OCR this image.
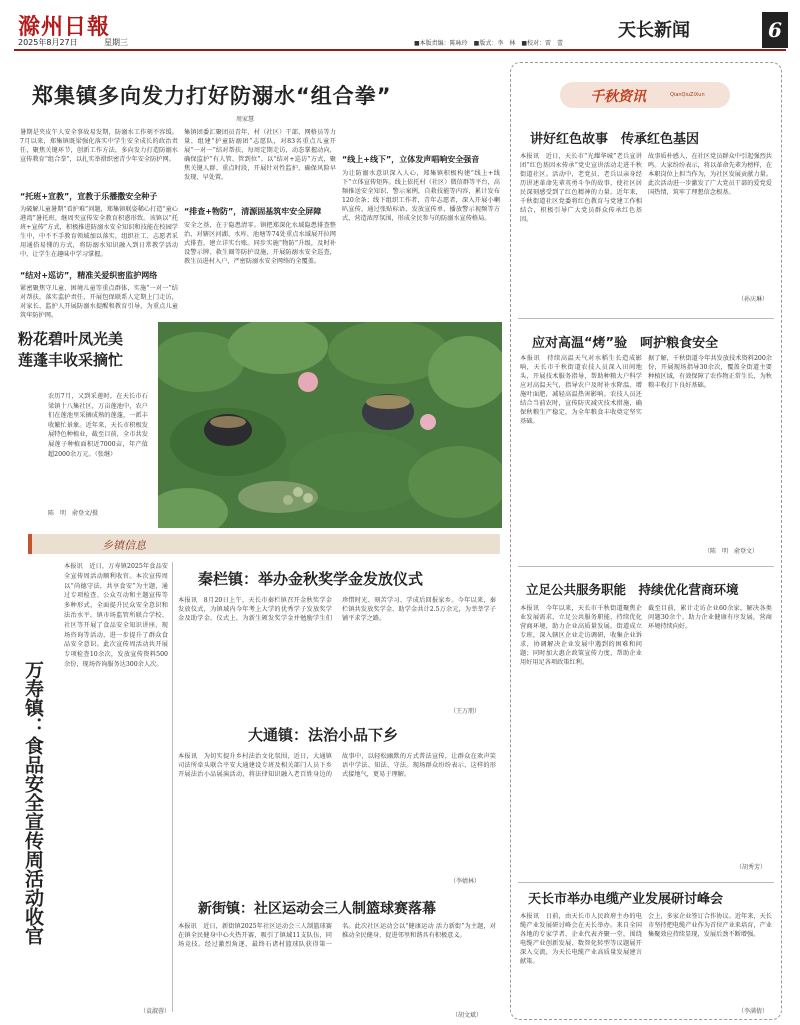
滁州日報
2025年8月27日	星期三	■本版责编：陈咏玲　■版式：李　林　■校对：雷　蕾
天长新闻	6
郑集镇多向发力打好防溺水“组合拳”
周家慧
暑期是夹皮午人安全事故易发期，防溺水工作刻不容缓。7月以来，郑集镇既梁强化落实中学生安全成长的政治责任，聚焦关键环节，创新工作方法，多向发力打造防溺水宣传教育“组合拳”，以扎实举措织密青少年安全防护网。
“托班+宣教”，宣教于乐播撒安全种子
为破解儿童暑期“看护难”问题，郑集镇联姿稀心打造“童心港湾”暑托班，继周夹宣传安全教育积惑形致。该镇以“托班+宣传”方式，积极推进防溺水安全知识和技能在校园学生中，中不不手教育领域加以落实，组织社工、志愿者采用通俗易懂的方式，将防溺水知识融入到日常教学活动中，让学生在趣味中学习掌握。
“结对+巡访”，精准关爱织密监护网络
紧密聚焦守儿童、困境儿童等重点群体，实施“一对一”结对帮扶，落实监护责任，开展包保联系人定期上门走访，对家长、监护人开展防溺水提醒和教育引导，为重点儿童筑牢防护网。
集镇团委汇聚团员青年、村（社区）干部、网格员等力量，组建“护童防溺团”志愿队，对83名重点儿童开展“一对一”结对帮扶，每周定期走访，动态掌握动向，确保监护“有人管、管到位”。以“结对+巡访”方式，聚焦关键人群、重点时段，开展针对性监护，确保风险早发现、早处置。
“排查+物防”，清源固基筑牢安全屏障
安全之基，在于隐患清零。镇把郑深化水域隐患排查整治，对辖区河湖、水库、池塘等74处重点水域展开拉网式排查，建立详实台账。同步实施“物防”升级，及时补设警示牌、救生圈等防护设施，开展防溺水安全巡查，教生员进村入户，严密防溺水安全网络的全覆盖。
“线上+线下”，立体发声唱响安全强音
为让防溺水意识深入人心，郑集镇积极构建“线上+线下”立体宣传矩阵。线上依托村（社区）微信群等平台，高频推送安全知识、警示案例，自救技能等内容，累计发布120余条；线下组织工作者，青年志愿者，深入开展小喇叭宣传，通过张贴标语、发放宣传单、播放警示视频等方式，营造浓厚氛围，形成全民参与的防溺水宣传格局。
粉花碧叶凤光美
莲蓬丰收采摘忙
农历7月，又到采莲时。在天长市石梁镇十八集社区，万亩莲池中，农户们在莲池里采摘成熟的莲蓬，一派丰收繁忙景象。近年来，天长市积极发展特色种植业，截至目前，全市共发展莲子种植面积近7000亩，年产值超2000余万元。（张继）
陈　明　俞登文/摄
乡镇信息
万寿镇：食品安全宣传周活动收官
本报讯　近日，万寿镇2025年食品安全宣传周活动顺利收官。本次宣传周以“尚德守法，共享食安”为主题，通过专项检查、公众互动和主题宣传等多种形式，全面提升民众安全意识和法治水平。镇市场监管所联合学校、社区等开展了食品安全知识讲座、现场咨询等活动，进一步提升了群众食品安全意识。此次宣传周活动共开展专项检查10余次，发放宣传资料500余份，现场咨询服务达300余人次。
（袁淑蓉）
秦栏镇：举办金秋奖学金发放仪式
本报讯　8月20日上午，天长市秦栏镇召开金秋奖学金发放仪式，为镇域内今年考上大学的优秀学子发放奖学金及助学金。仪式上，为新生颁发奖学金并勉励学生们珍惜时光、刻苦学习、学成后回报家乡。今年以来，秦栏镇共发放奖学金、助学金共计2.5万余元，为莘莘学子铺平求学之路。
（王万朋）
大通镇：法治小品下乡
本报讯　为切实提升乡村法治文化氛围，近日，大通镇司法所牵头联合平安大通建设专班及相关部门人员下乡开展法治小品展演活动，将法律知识融入老百姓身边的故事中，以轻松幽默的方式普法宣传，让群众在欢声笑语中学法、知法、守法。现场群众纷纷表示，这样的形式接地气，更易于理解。
（李婧林）
新街镇：社区运动会三人制篮球赛落幕
本报讯　近日，新街镇2025年社区运动会三人制篮球赛在镇全民健身中心火热开赛，吸引了镇域11支队伍，同场竞技。经过激烈角逐，最终石诸村篮球队获得第一名。此次社区运动会以“健康运动 活力新街”为主题，对推动全民健身，促进邻里和谐具有积极意义。
（胡文斌）
千秋资讯	QianQiuZiXun
讲好红色故事　传承红色基因
本报讯　近日，天长市“光耀华城”老兵宣讲团“红色基因永传承”党史宣讲活动走进千秋街道社区。活动中，老党员、老兵以亲身经历讲述革命先辈英勇斗争的故事，使社区居民深刻感受到了红色精神的力量。近年来，千秋街道社区党委将红色教育与党建工作相结合，积极引导广大党员群众传承红色基因。
故事质朴感人，在社区党员群众中引起强烈共鸣。大家纷纷表示，将以革命先辈为榜样，在本职岗位上担当作为，为社区发展贡献力量。此次活动进一步激发了广大党员干部的爱党爱国热情，筑牢了理想信念根基。
（孙庆琳）
应对高温“烤”验　呵护粮食安全
本报讯　持续高温天气对水稻生长造成影响，天长市千秋街道农技人员深入田间地头，开展技术服务指导，帮助种粮大户科学应对高温天气，指导农户及时补水降温、增施叶面肥，减轻高温热害影响。农技人员还结合当前农时，宣传防灾减灾技术措施，确保秋粮生产稳定，为全年粮食丰收奠定坚实基础。
据了解，千秋街道今年共发放技术资料200余份，开展现场指导30余次，覆盖全街道主要种植区域，有效保障了农作物正常生长，为秋粮丰收打下良好基础。
（陈　明　俞登文）
立足公共服务职能　持续优化营商环境
本报讯　今年以来，天长市千秋街道聚焦企业发展需求，立足公共服务职能，持续优化营商环境，助力企业高质量发展。街道成立专班，深入辖区企业走访调研，收集企业诉求，协调解决企业发展中遇到的困难和问题；同时加大惠企政策宣传力度，帮助企业用好用足各项政策红利。
截至目前，累计走访企业60余家，解决各类问题30余个，助力企业健康有序发展，营商环境持续向好。
（胡秀芳）
天长市举办电缆产业发展研讨峰会
本报讯　日前，由天长市人民政府主办的电缆产业发展研讨峰会在天长举办。来自全国各地的专家学者、企业代表齐聚一堂，围绕电缆产业创新发展、数智化转型等议题展开深入交流，为天长电缆产业高质量发展建言献策。
会上，多家企业签订合作协议。近年来，天长市坚持把电缆产业作为首位产业来培育，产业集聚效应持续显现，发展后劲不断增强。
（李满倩）
